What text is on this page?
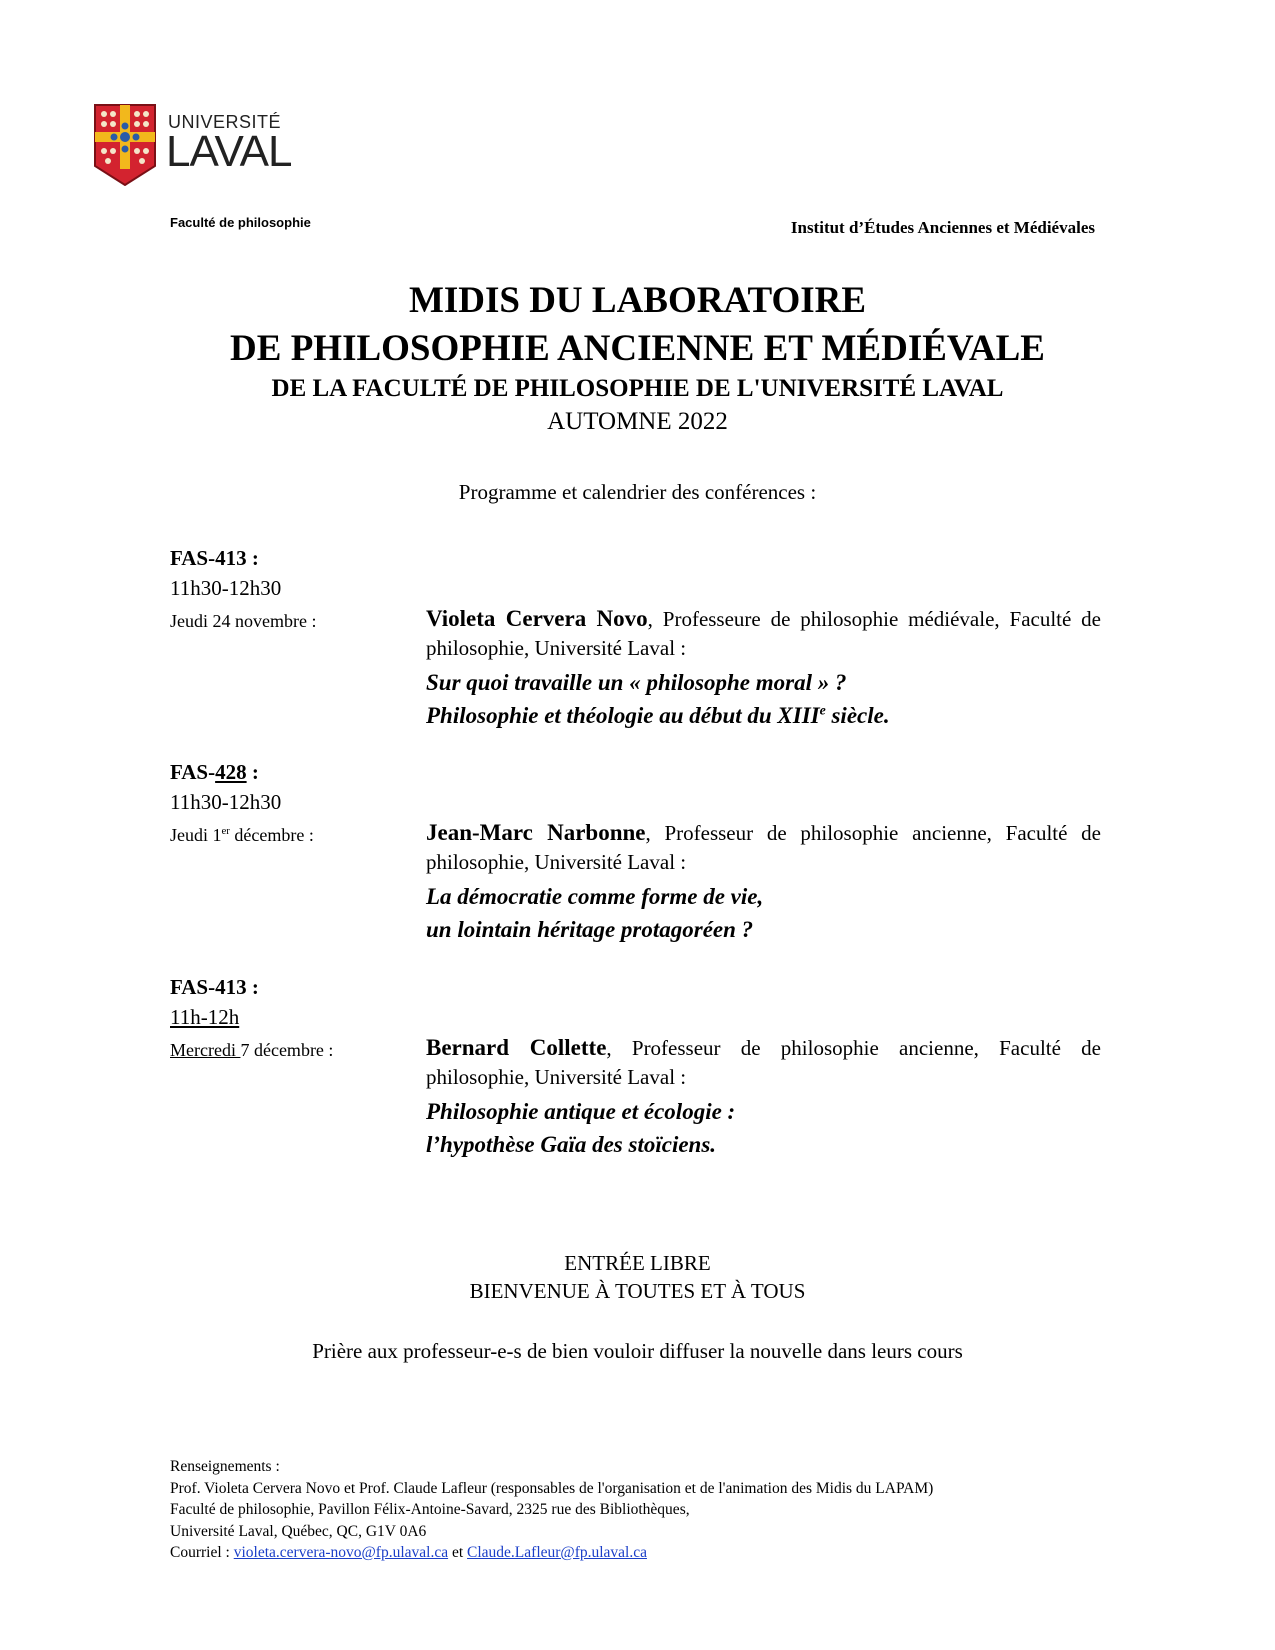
UNIVERSITÉ
LAVAL
Faculté de philosophie	Institut d’Études Anciennes et Médiévales
MIDIS DU LABORATOIRE
DE PHILOSOPHIE ANCIENNE ET MÉDIÉVALE
DE LA FACULTÉ DE PHILOSOPHIE DE L'UNIVERSITÉ LAVAL
AUTOMNE 2022
Programme et calendrier des conférences :
FAS-413 :
11h30-12h30
Jeudi 24 novembre :	Violeta Cervera Novo, Professeure de philosophie médiévale, Faculté de philosophie, Université Laval :
Sur quoi travaille un « philosophe moral » ?
Philosophie et théologie au début du XIIIe siècle.
FAS-428 :
11h30-12h30
Jeudi 1er décembre :	Jean-Marc Narbonne, Professeur de philosophie ancienne, Faculté de philosophie, Université Laval :
La démocratie comme forme de vie,
un lointain héritage protagoréen ?
FAS-413 :
11h-12h
Mercredi 7 décembre :	Bernard Collette, Professeur de philosophie ancienne, Faculté de philosophie, Université Laval :
Philosophie antique et écologie :
l’hypothèse Gaïa des stoïciens.
ENTRÉE LIBRE
BIENVENUE À TOUTES ET À TOUS
Prière aux professeur-e-s de bien vouloir diffuser la nouvelle dans leurs cours
Renseignements :
Prof. Violeta Cervera Novo et Prof. Claude Lafleur (responsables de l'organisation et de l'animation des Midis du LAPAM)
Faculté de philosophie, Pavillon Félix-Antoine-Savard, 2325 rue des Bibliothèques,
Université Laval, Québec, QC, G1V 0A6
Courriel : violeta.cervera-novo@fp.ulaval.ca et Claude.Lafleur@fp.ulaval.ca
